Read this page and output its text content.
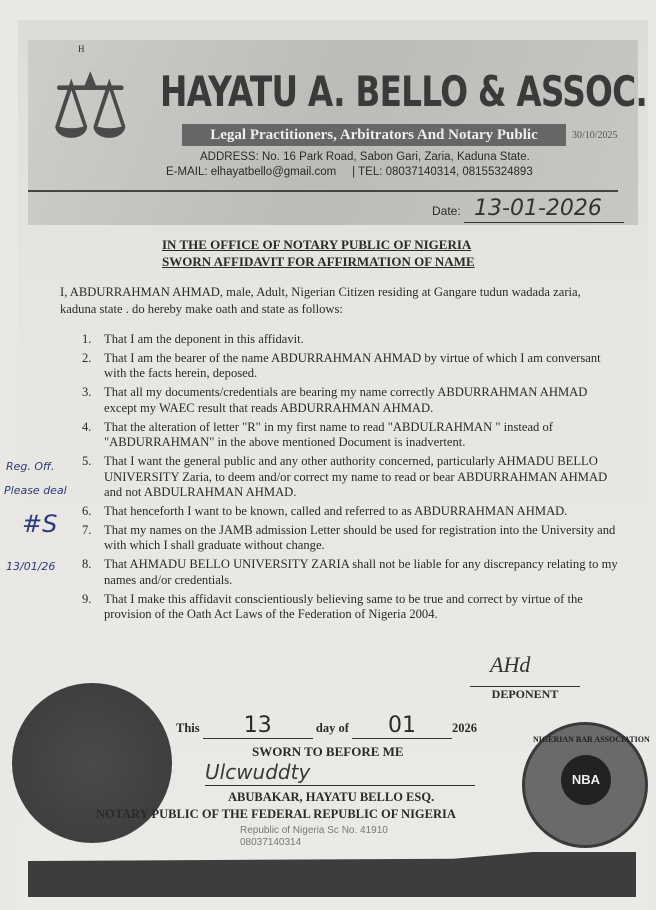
H
⚖ HAYATU A. BELLO & ASSOC.
30/10/2025
Legal Practitioners, Arbitrators And Notary Public
ADDRESS: No. 16 Park Road, Sabon Gari, Zaria, Kaduna State.
E-MAIL: elhayatbello@gmail.com | TEL: 08037140314, 08155324893
Date: 13-01-2026
IN THE OFFICE OF NOTARY PUBLIC OF NIGERIA
SWORN AFFIDAVIT FOR AFFIRMATION OF NAME

I, ABDURRAHMAN AHMAD, male, Adult, Nigerian Citizen residing at Gangare tudun wadada zaria, kaduna state . do hereby make oath and state as follows:

1. That I am the deponent in this affidavit.
2. That I am the bearer of the name ABDURRAHMAN AHMAD by virtue of which I am conversant with the facts herein, deposed.
3. That all my documents/credentials are bearing my name correctly ABDURRAHMAN AHMAD except my WAEC result that reads ABDURRAHMAN AHMAD.
4. That the alteration of letter "R" in my first name to read "ABDULRAHMAN " instead of "ABDURRAHMAN" in the above mentioned Document is inadvertent.
5. That I want the general public and any other authority concerned, particularly AHMADU BELLO UNIVERSITY Zaria, to deem and/or correct my name to read or bear ABDURRAHMAN AHMAD and not ABDULRAHMAN AHMAD.
6. That henceforth I want to be known, called and referred to as ABDURRAHMAN AHMAD.
7. That my names on the JAMB admission Letter should be used for registration into the University and with which I shall graduate without change.
8. That AHMADU BELLO UNIVERSITY ZARIA shall not be liable for any discrepancy relating to my names and/or credentials.
9. That I make this affidavit conscientiously believing same to be true and correct by virtue of the provision of the Oath Act Laws of the Federation of Nigeria 2004.
Reg. Off.
Please deal
#S
13/01/26
AHd
DEPONENT
This 13	day of 01	2026
SWORN TO BEFORE ME
Ulcwuddty
ABUBAKAR, HAYATU BELLO ESQ.
NOTARY PUBLIC OF THE FEDERAL REPUBLIC OF NIGERIA
Republic of Nigeria Sc No. 41910
08037140314
NIGERIAN BAR ASSOCIATION
NBA
